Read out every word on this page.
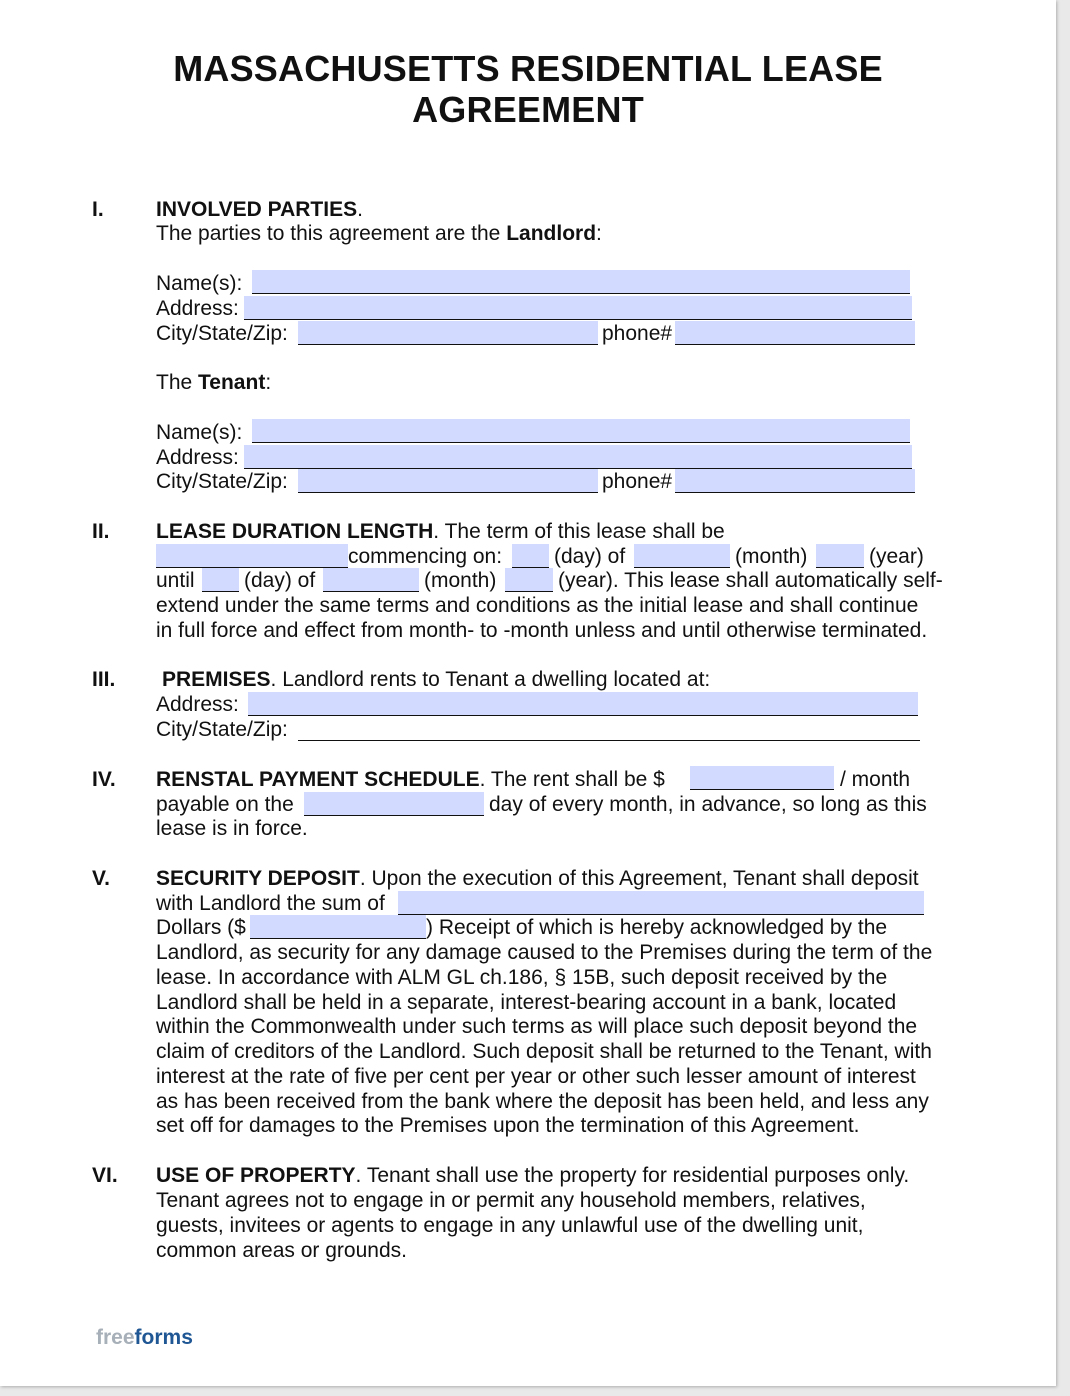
MASSACHUSETTS RESIDENTIAL LEASE
AGREEMENT
I. INVOLVED PARTIES.
The parties to this agreement are the Landlord:
Name(s):
Address:
City/State/Zip:	phone#
The Tenant:
Name(s):
Address:
City/State/Zip:	phone#
II. LEASE DURATION LENGTH. The term of this lease shall be
commencing on: (day) of	(month)	(year)
until (day) of	(month)	(year). This lease shall automatically self-
extend under the same terms and conditions as the initial lease and shall continue
in full force and effect from month- to -month unless and until otherwise terminated.
III. PREMISES. Landlord rents to Tenant a dwelling located at:
Address:
City/State/Zip:
IV. RENSTAL PAYMENT SCHEDULE. The rent shall be $	/ month
payable on the	day of every month, in advance, so long as this
lease is in force.
V. SECURITY DEPOSIT. Upon the execution of this Agreement, Tenant shall deposit
with Landlord the sum of
Dollars ($	) Receipt of which is hereby acknowledged by the
Landlord, as security for any damage caused to the Premises during the term of the
lease. In accordance with ALM GL ch.186, § 15B, such deposit received by the
Landlord shall be held in a separate, interest-bearing account in a bank, located
within the Commonwealth under such terms as will place such deposit beyond the
claim of creditors of the Landlord. Such deposit shall be returned to the Tenant, with
interest at the rate of five per cent per year or other such lesser amount of interest
as has been received from the bank where the deposit has been held, and less any
set off for damages to the Premises upon the termination of this Agreement.
VI. USE OF PROPERTY. Tenant shall use the property for residential purposes only.
Tenant agrees not to engage in or permit any household members, relatives,
guests, invitees or agents to engage in any unlawful use of the dwelling unit,
common areas or grounds.
freeforms
